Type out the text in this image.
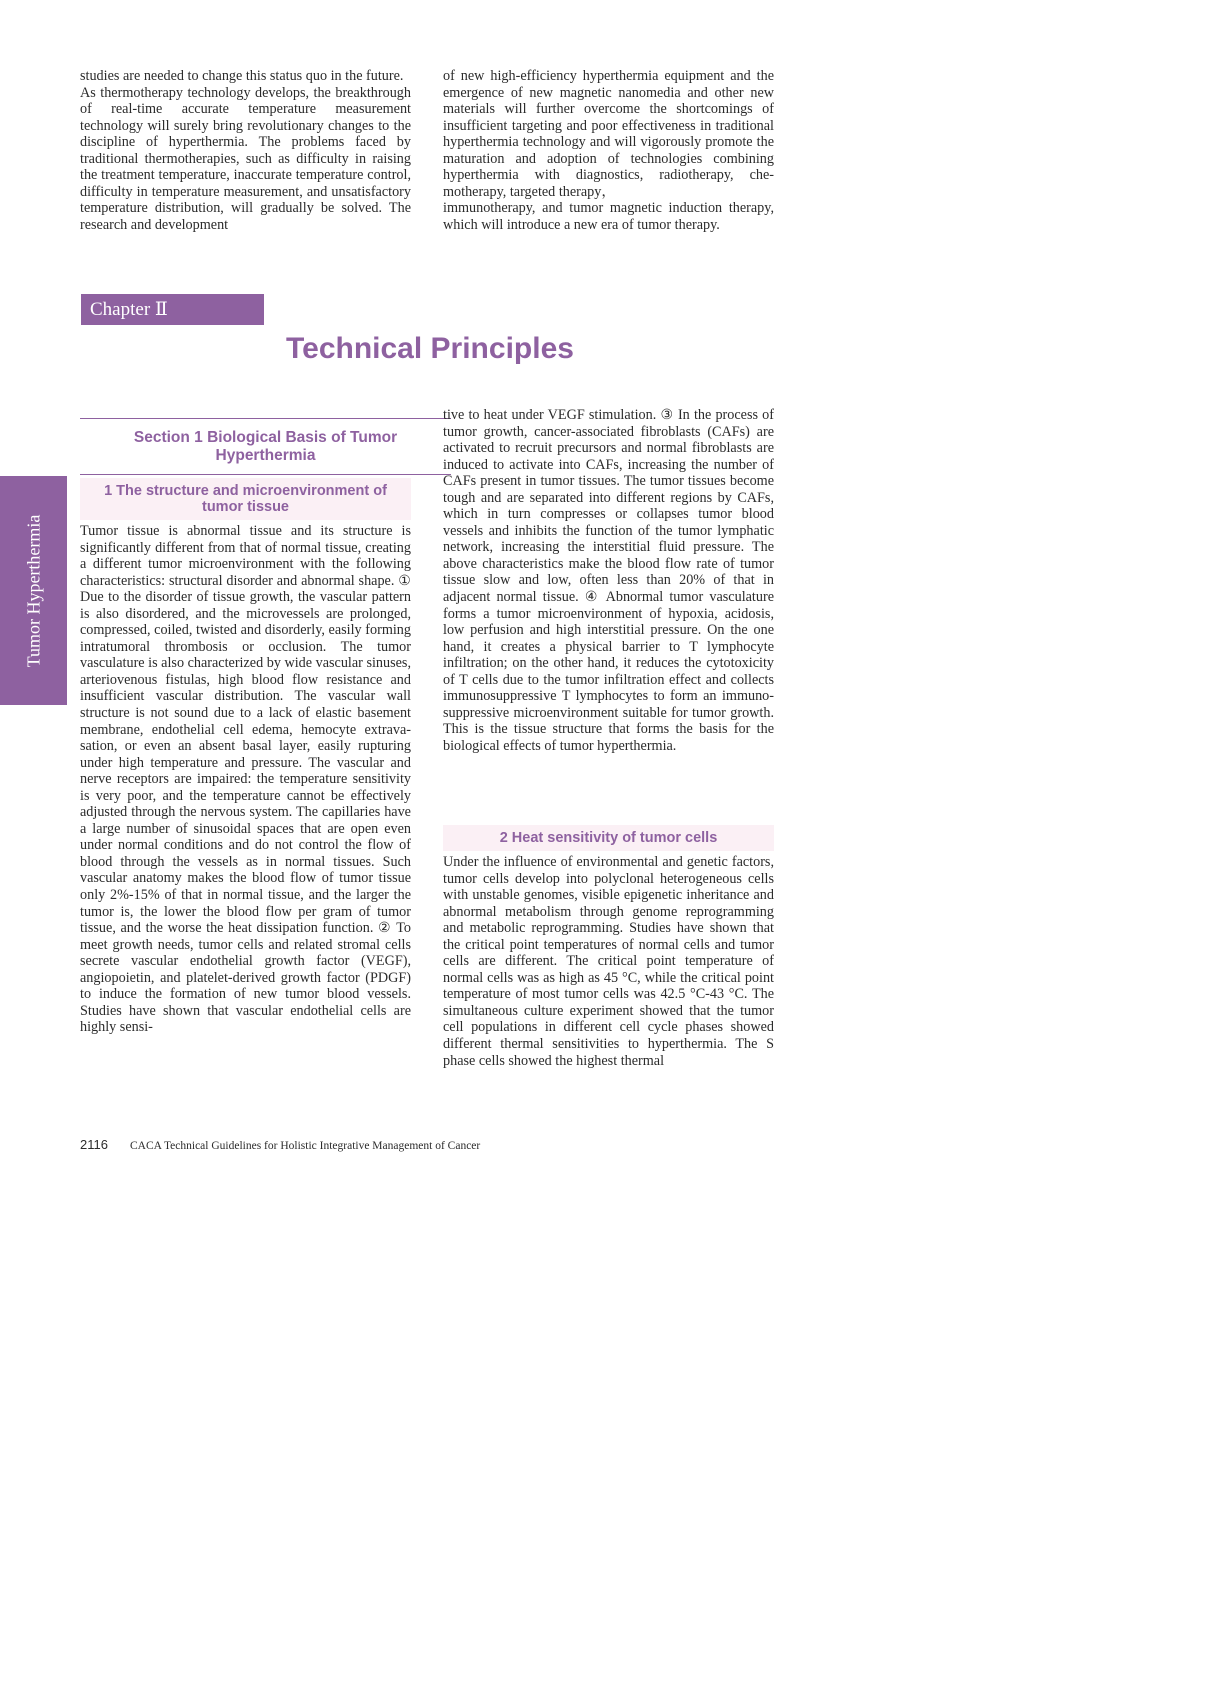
studies are needed to change this status quo in the future.

As thermotherapy technology develops, the breakthrough of real-time accurate temperature measurement technology will surely bring revolutionary changes to the discipline of hyperthermia. The problems faced by traditional thermotherapies, such as difficulty in raising the treatment temperature, inaccurate temperature control, difficulty in temperature measurement, and unsatisfactory temperature distribution, will gradually be solved. The research and development

of new high-efficiency hyperthermia equipment and the emergence of new magnetic nanomedia and other new materials will further overcome the shortcomings of insufficient targeting and poor effectiveness in traditional hyperthermia technology and will vigorously promote the maturation and adoption of technologies combining hyperthermia with diagnostics, radiotherapy, chemotherapy, targeted therapy，

immunotherapy, and tumor magnetic induction therapy, which will introduce a new era of tumor therapy.

Chapter Ⅱ
Technical Principles
Section 1 Biological Basis of Tumor Hyperthermia
1 The structure and microenvironment of tumor tissue

Tumor tissue is abnormal tissue and its structure is significantly different from that of normal tissue, creating a different tumor microenvironment with the following characteristics: structural disorder and abnormal shape. ① Due to the disorder of tissue growth, the vascular pattern is also disordered, and the microvessels are prolonged, compressed, coiled, twisted and disorderly, easily forming intratumoral thrombosis or occlusion. The tumor vasculature is also characterized by wide vascular sinuses, arteriovenous fistulas, high blood flow resistance and insufficient vascular distribution. The vascular wall structure is not sound due to a lack of elastic basement membrane, endothelial cell edema, hemocyte extravasation, or even an absent basal layer, easily rupturing under high temperature and pressure. The vascular and nerve receptors are impaired: the temperature sensitivity is very poor, and the temperature cannot be effectively adjusted through the nervous system. The capillaries have a large number of sinusoidal spaces that are open even under normal conditions and do not control the flow of blood through the vessels as in normal tissues. Such vascular anatomy makes the blood flow of tumor tissue only 2%-15% of that in normal tissue, and the larger the tumor is, the lower the blood flow per gram of tumor tissue, and the worse the heat dissipation function. ② To meet growth needs, tumor cells and related stromal cells secrete vascular endothelial growth factor (VEGF), angiopoietin, and platelet-derived growth factor (PDGF) to induce the formation of new tumor blood vessels. Studies have shown that vascular endothelial cells are highly sensi-

tive to heat under VEGF stimulation. ③ In the process of tumor growth, cancer-associated fibroblasts (CAFs) are activated to recruit precursors and normal fibroblasts are induced to activate into CAFs, increasing the number of CAFs present in tumor tissues. The tumor tissues become tough and are separated into different regions by CAFs, which in turn compresses or collapses tumor blood vessels and inhibits the function of the tumor lymphatic network, increasing the interstitial fluid pressure. The above characteristics make the blood flow rate of tumor tissue slow and low, often less than 20% of that in adjacent normal tissue. ④ Abnormal tumor vasculature forms a tumor microenvironment of hypoxia, acidosis, low perfusion and high interstitial pressure. On the one hand, it creates a physical barrier to T lymphocyte infiltration; on the other hand, it reduces the cytotoxicity of T cells due to the tumor infiltration effect and collects immunosuppressive T lymphocytes to form an immunosuppressive microenvironment suitable for tumor growth. This is the tissue structure that forms the basis for the biological effects of tumor hyperthermia.

2 Heat sensitivity of tumor cells

Under the influence of environmental and genetic factors, tumor cells develop into polyclonal heterogeneous cells with unstable genomes, visible epigenetic inheritance and abnormal metabolism through genome reprogramming and metabolic reprogramming. Studies have shown that the critical point temperatures of normal cells and tumor cells are different. The critical point temperature of normal cells was as high as 45 °C, while the critical point temperature of most tumor cells was 42.5 °C-43 °C. The simultaneous culture experiment showed that the tumor cell populations in different cell cycle phases showed different thermal sensitivities to hyperthermia. The S phase cells showed the highest thermal

Tumor Hyperthermia
2116 CACA Technical Guidelines for Holistic Integrative Management of Cancer
